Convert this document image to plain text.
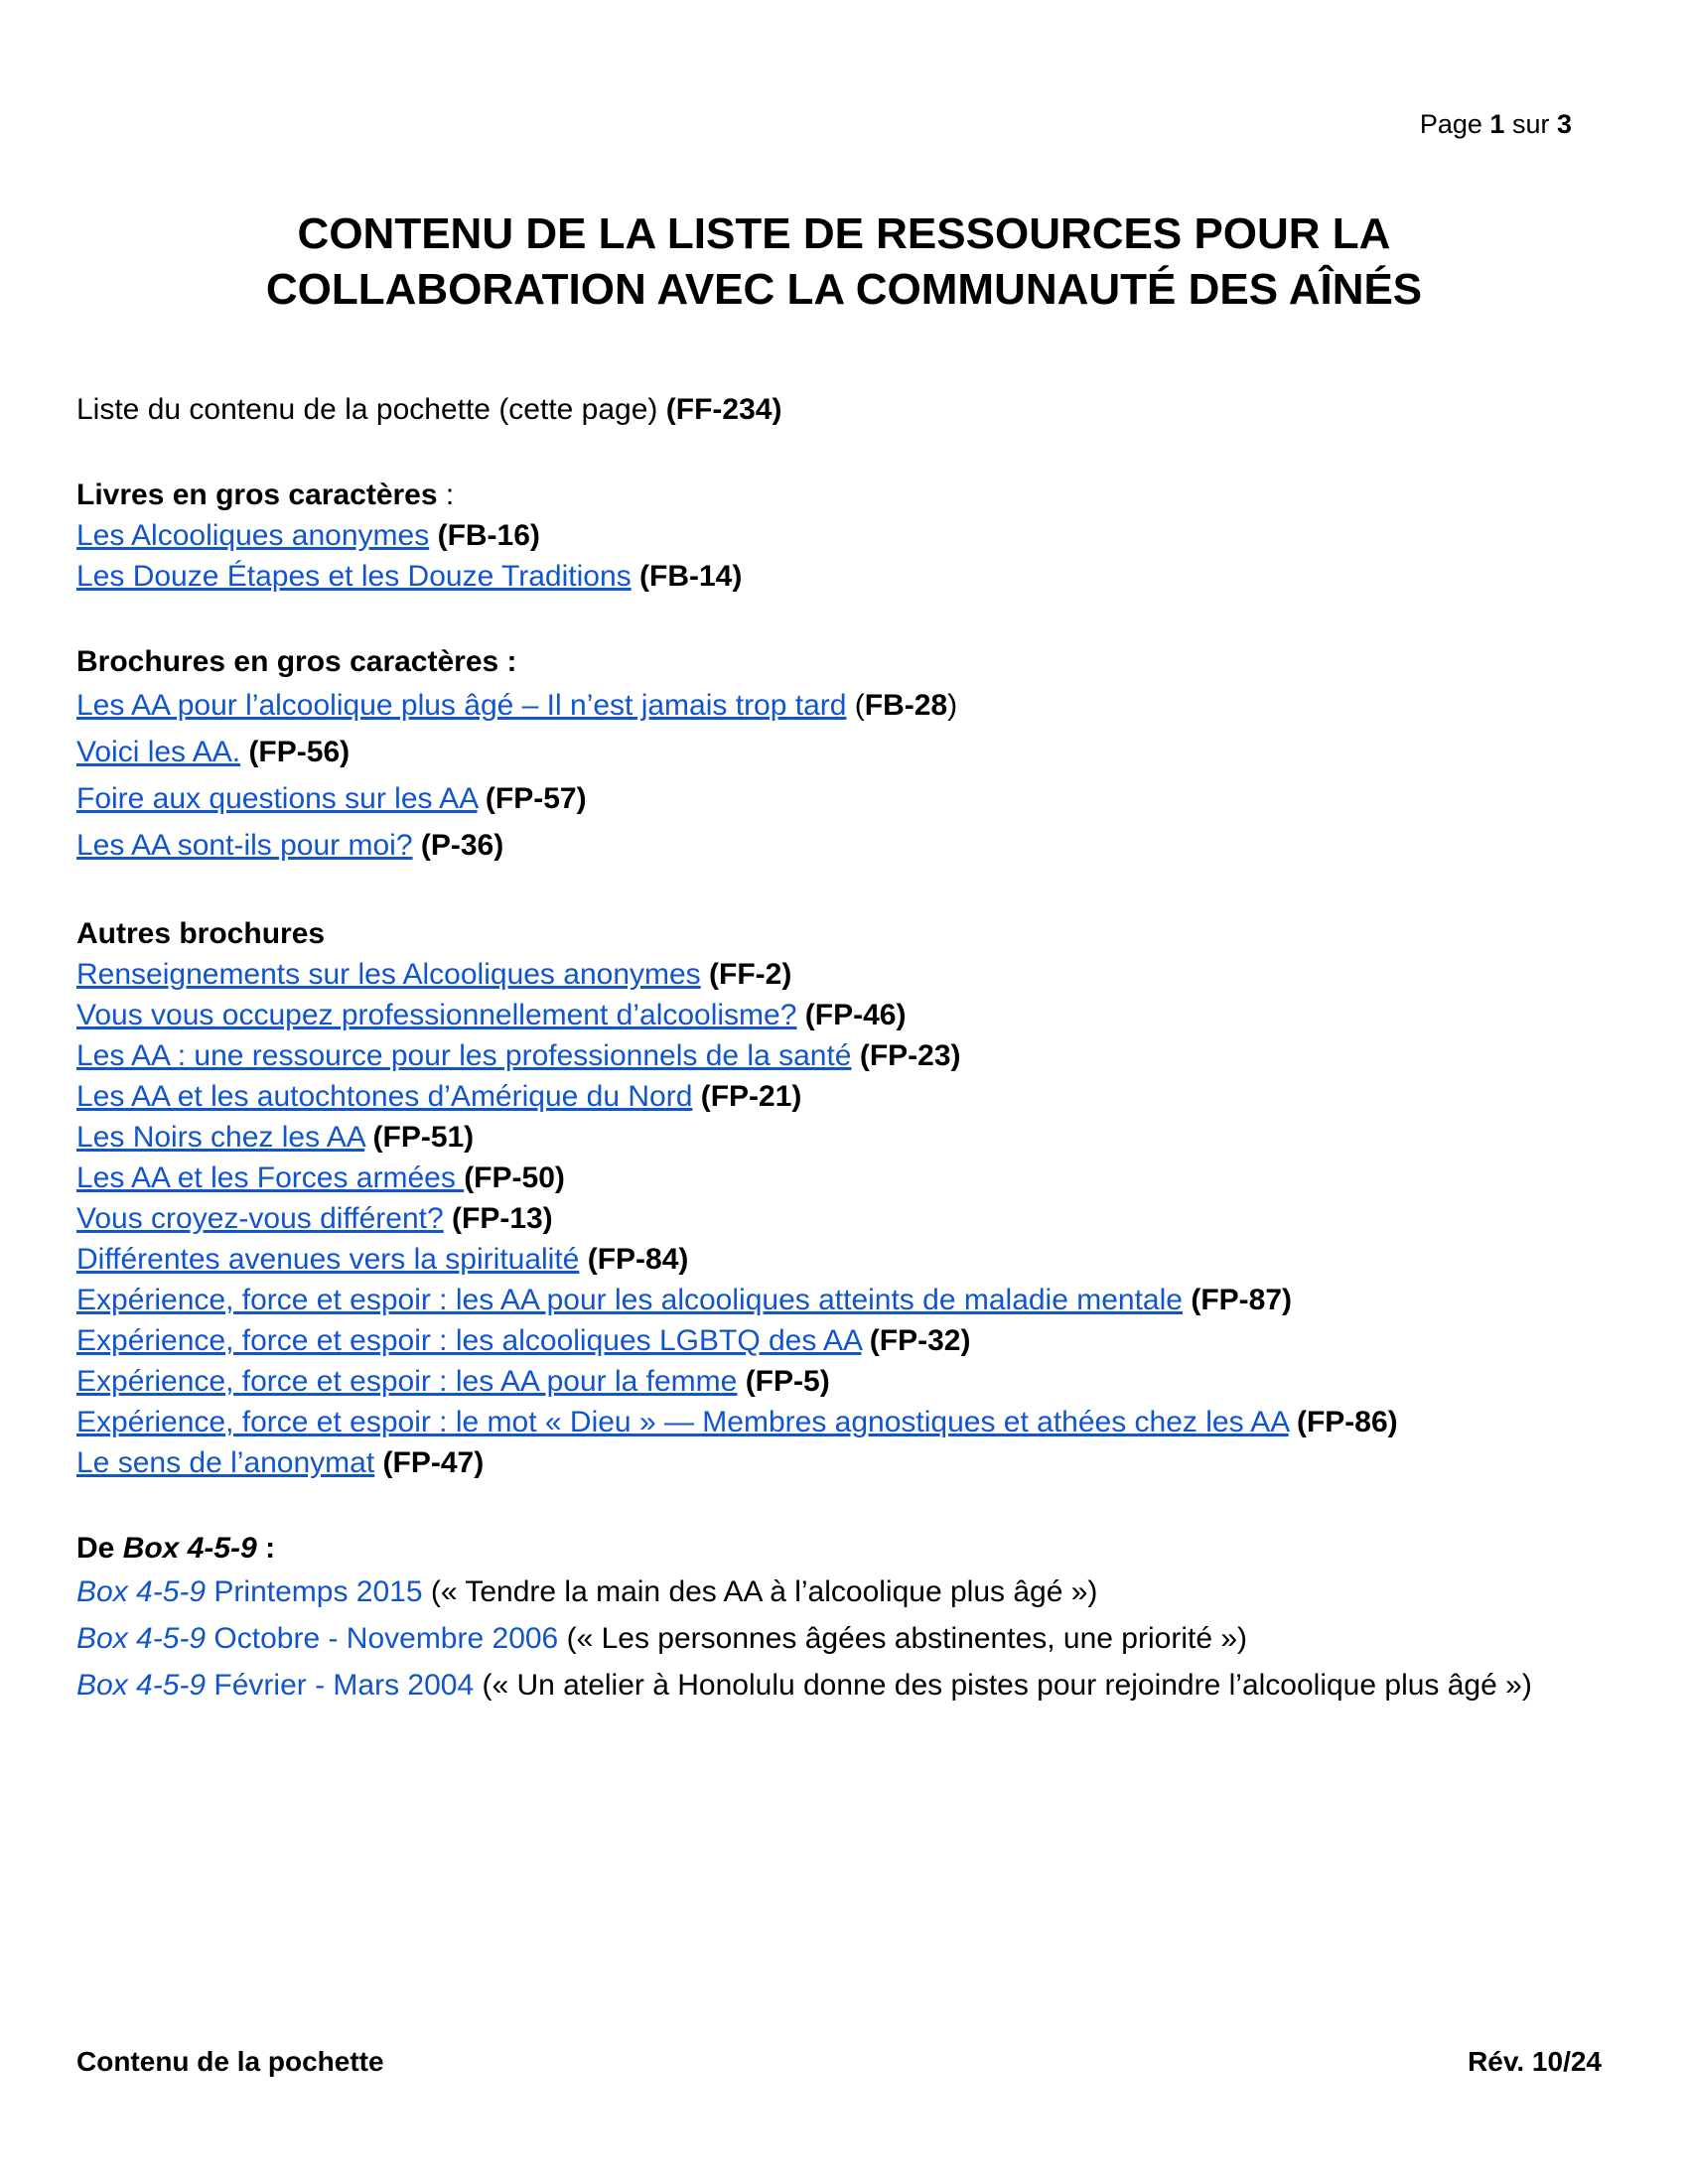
Page 1 sur 3
CONTENU DE LA LISTE DE RESSOURCES POUR LA
COLLABORATION AVEC LA COMMUNAUTÉ DES AÎNÉS
Liste du contenu de la pochette (cette page) (FF-234)
Livres en gros caractères :
Les Alcooliques anonymes (FB-16)
Les Douze Étapes et les Douze Traditions (FB-14)
Brochures en gros caractères :
Les AA pour l’alcoolique plus âgé – Il n’est jamais trop tard (FB-28)
Voici les AA. (FP-56)
Foire aux questions sur les AA (FP-57)
Les AA sont-ils pour moi? (P-36)
Autres brochures
Renseignements sur les Alcooliques anonymes (FF-2)
Vous vous occupez professionnellement d’alcoolisme? (FP-46)
Les AA : une ressource pour les professionnels de la santé (FP-23)
Les AA et les autochtones d’Amérique du Nord (FP-21)
Les Noirs chez les AA (FP-51)
Les AA et les Forces armées (FP-50)
Vous croyez-vous différent? (FP-13)
Différentes avenues vers la spiritualité (FP-84)
Expérience, force et espoir : les AA pour les alcooliques atteints de maladie mentale (FP-87)
Expérience, force et espoir : les alcooliques LGBTQ des AA (FP-32)
Expérience, force et espoir : les AA pour la femme (FP-5)
Expérience, force et espoir : le mot « Dieu » — Membres agnostiques et athées chez les AA (FP-86)
Le sens de l’anonymat (FP-47)
De Box 4-5-9 :
Box 4-5-9 Printemps 2015 (« Tendre la main des AA à l’alcoolique plus âgé »)
Box 4-5-9 Octobre - Novembre 2006 (« Les personnes âgées abstinentes, une priorité »)
Box 4-5-9 Février - Mars 2004 (« Un atelier à Honolulu donne des pistes pour rejoindre l’alcoolique plus âgé »)
Contenu de la pochette	Rév. 10/24
